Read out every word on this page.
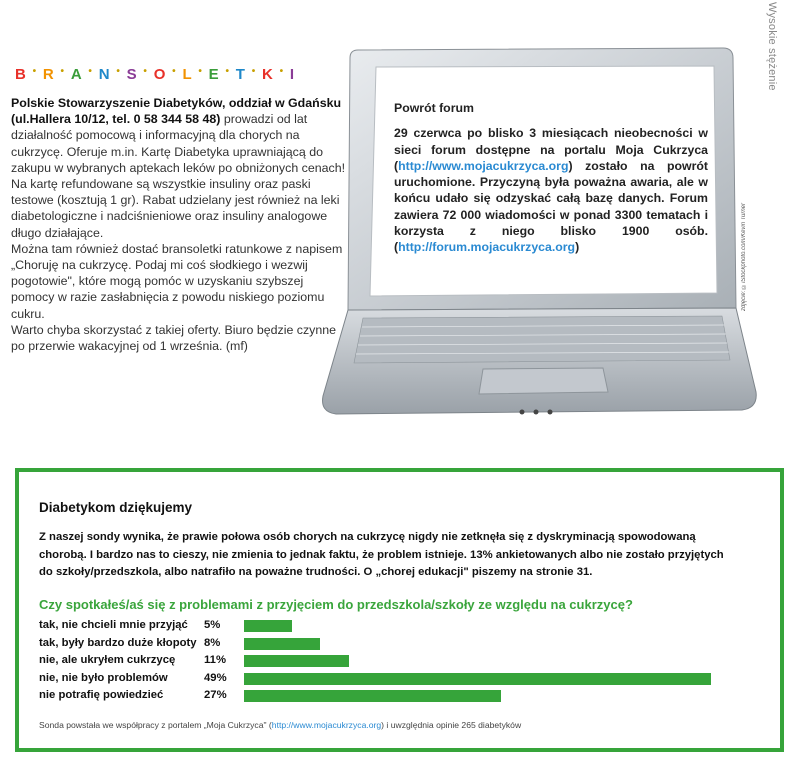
Wysokie stężenie
B • R • A • N • S • O • L • E • T • K • I

Polskie Stowarzyszenie Diabetyków, oddział w Gdańsku (ul.Hallera 10/12, tel. 0 58 344 58 48) prowadzi od lat działalność pomocową i informacyjną dla chorych na cukrzycę. Oferuje m.in. Kartę Diabetyka uprawniającą do zakupu w wybranych aptekach leków po obniżonych cenach! Na kartę refundowane są wszystkie insuliny oraz paski testowe (kosztują 1 gr). Rabat udzielany jest również na leki diabetologiczne i nadciśnieniowe oraz insuliny analogowe długo działające.

Można tam również dostać bransoletki ratunkowe z napisem „Choruję na cukrzycę. Podaj mi coś słodkiego i wezwij pogotowie", które mogą pomóc w uzyskaniu szybszej pomocy w razie zasłabnięcia z powodu niskiego poziomu cukru.

Warto chyba skorzystać z takiej oferty. Biuro będzie czynne po przerwie wakacyjnej od 1 września. (mf)

Powrót forum
29 czerwca po blisko 3 miesiącach nieobecności w sieci forum dostępne na portalu Moja Cukrzyca (http://www.mojacukrzyca.org) zostało na powrót uruchomione. Przyczyną była poważna awaria, ale w końcu udało się odzyskać całą bazę danych. Forum zawiera 72 000 wiadomości w ponad 3300 tematach i korzysta z niego blisko 1900 osób. (http://forum.mojacukrzyca.org)	zdjęcie: ©iStockphoto.com/Kevin Turner
Diabetykom dziękujemy
Z naszej sondy wynika, że prawie połowa osób chorych na cukrzycę nigdy nie zetknęła się z dyskryminacją spowodowaną chorobą. I bardzo nas to cieszy, nie zmienia to jednak faktu, że problem istnieje. 13% ankietowanych albo nie zostało przyjętych do szkoły/przedszkola, albo natrafiło na poważne trudności. O „chorej edukacji" piszemy na stronie 31.
Czy spotkałeś/aś się z problemami z przyjęciem do przedszkola/szkoły ze względu na cukrzycę?
tak, nie chcieli mnie przyjąć	5%
tak, były bardzo duże kłopoty 8%
nie, ale ukryłem cukrzycę	11%
nie, nie było problemów	49%
nie potrafię powiedzieć	27%
Sonda powstała we współpracy z portalem „Moja Cukrzyca" (http://www.mojacukrzyca.org) i uwzględnia opinie 265 diabetyków
